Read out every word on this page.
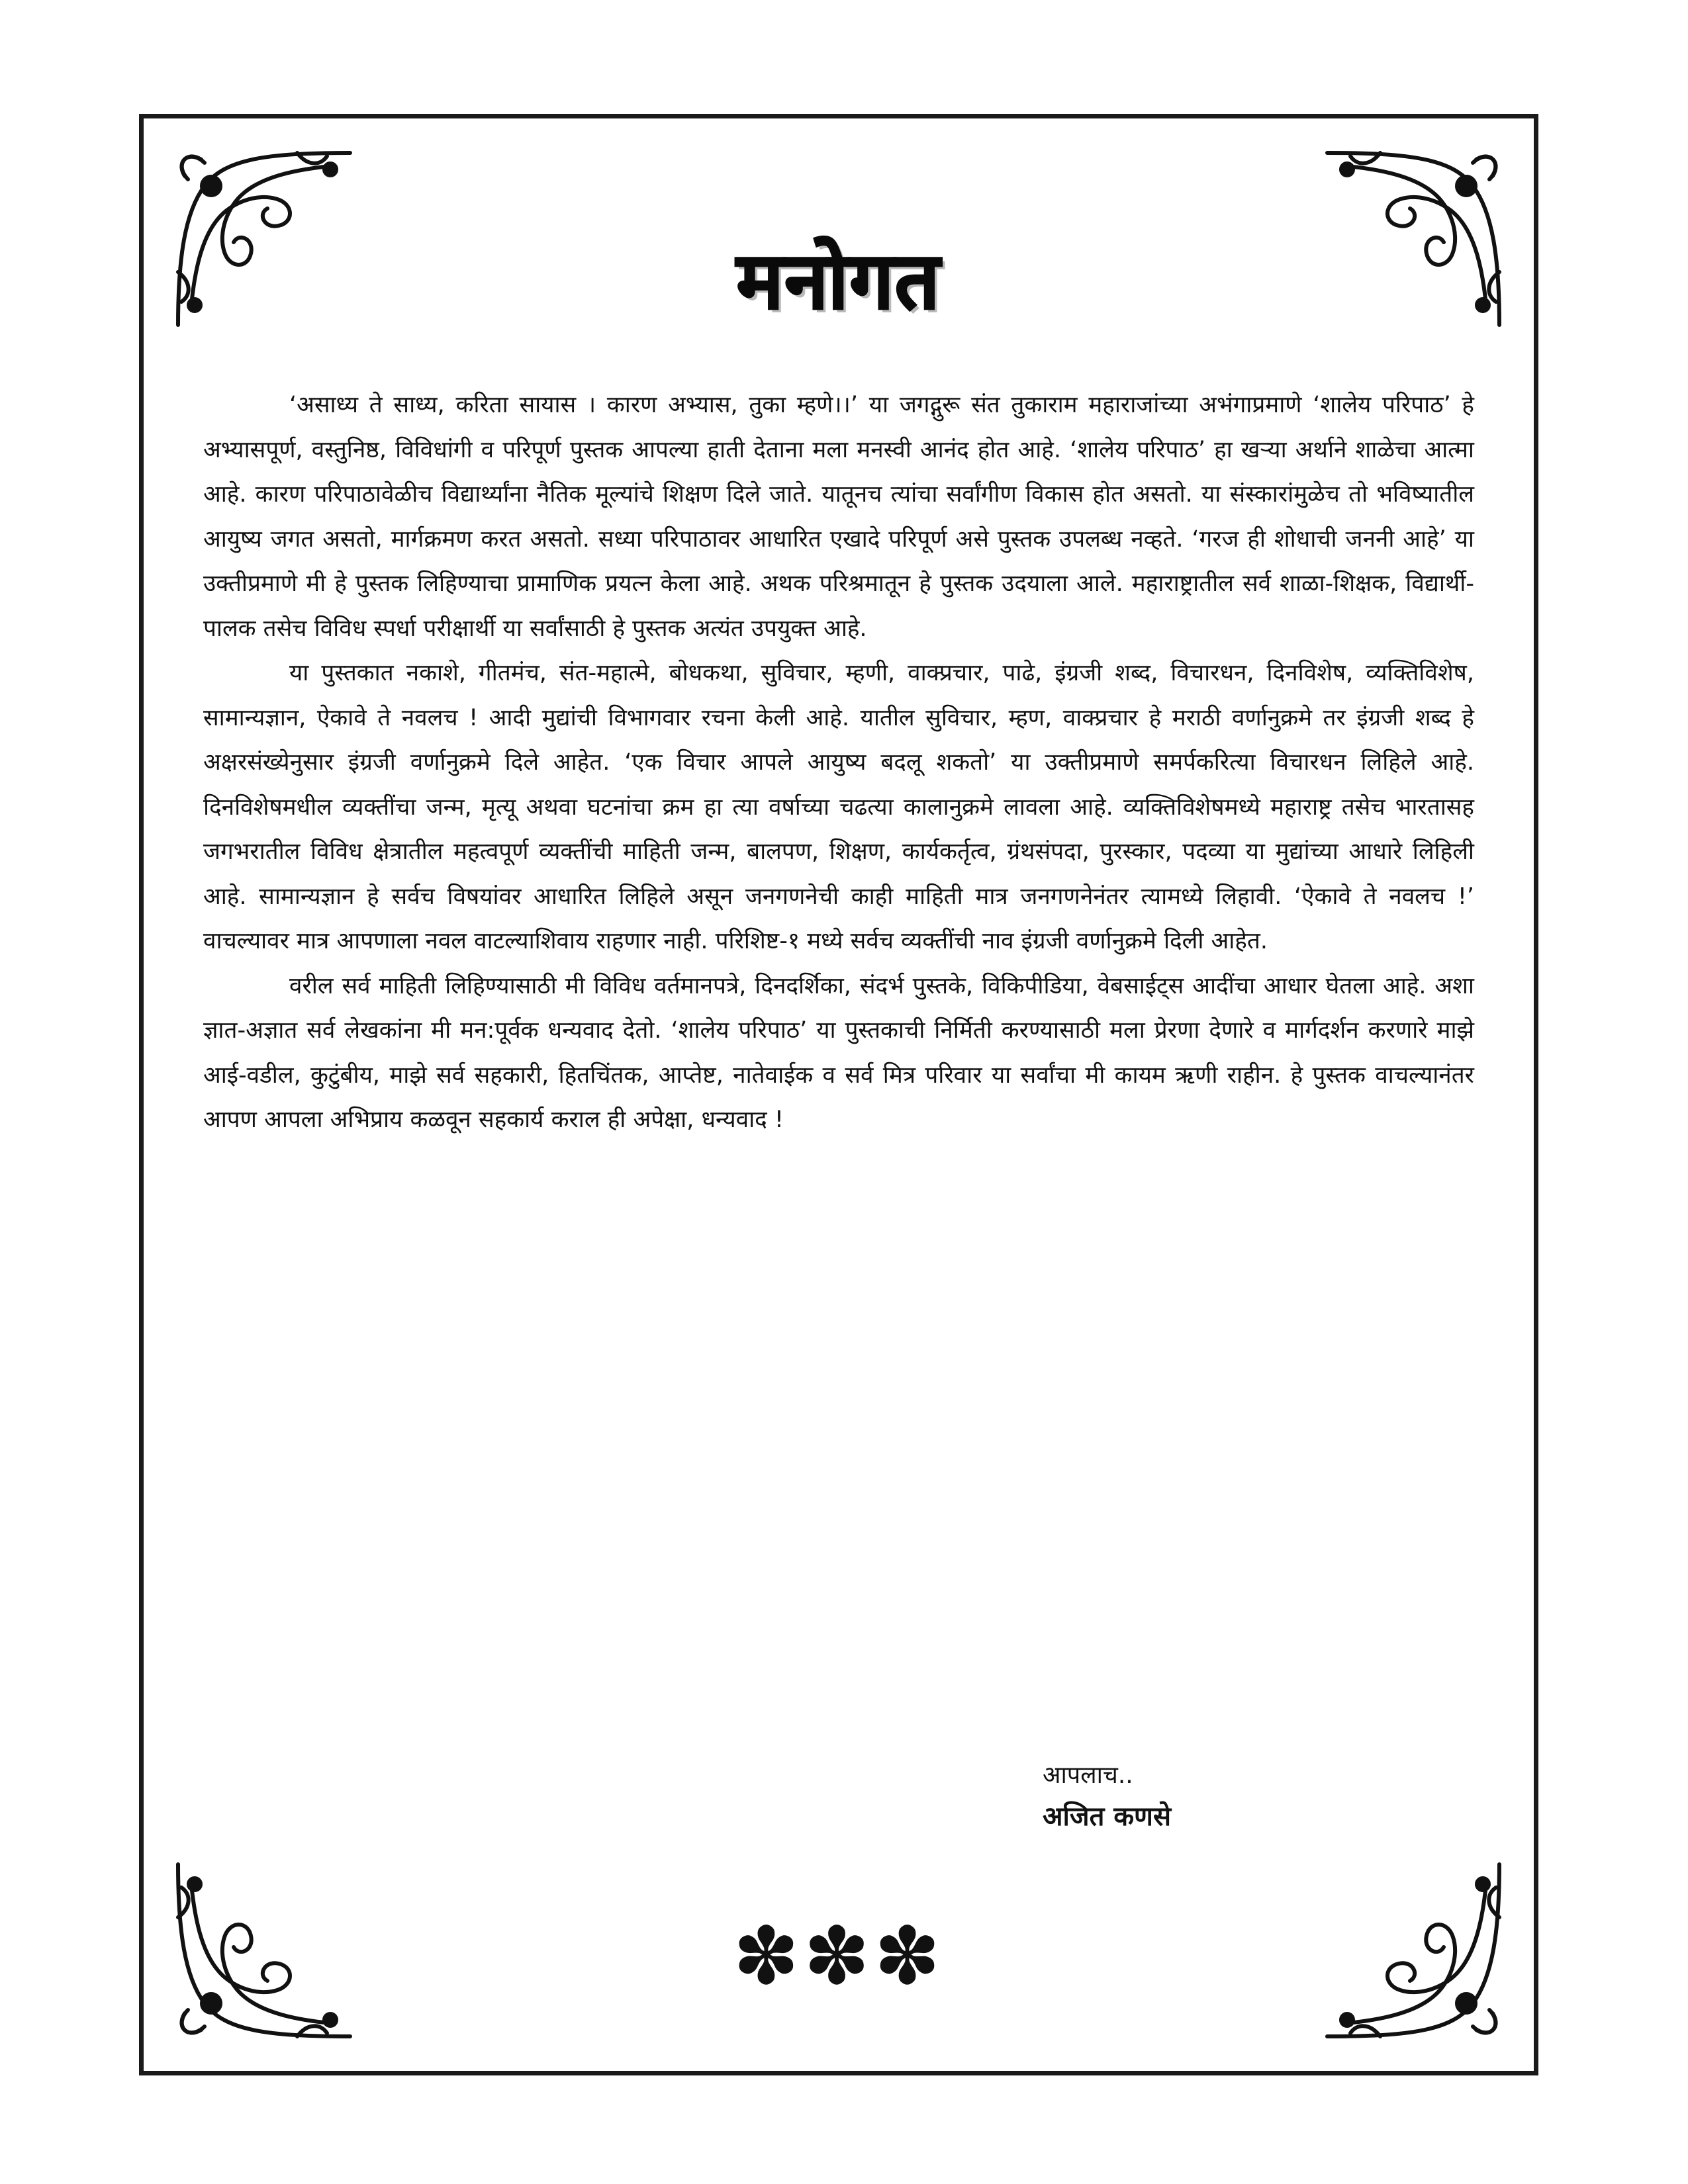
मनोगत

‘असाध्य ते साध्य, करिता सायास । कारण अभ्यास, तुका म्हणे।।’ या जगद्गुरू संत तुकाराम महाराजांच्या अभंगाप्रमाणे ‘शालेय परिपाठ’ हे अभ्यासपूर्ण, वस्तुनिष्ठ, विविधांगी व परिपूर्ण पुस्तक आपल्या हाती देताना मला मनस्वी आनंद होत आहे. ‘शालेय परिपाठ’ हा खऱ्या अर्थाने शाळेचा आत्मा आहे. कारण परिपाठावेळीच विद्यार्थ्यांना नैतिक मूल्यांचे शिक्षण दिले जाते. यातूनच त्यांचा सर्वांगीण विकास होत असतो. या संस्कारांमुळेच तो भविष्यातील आयुष्य जगत असतो, मार्गक्रमण करत असतो. सध्या परिपाठावर आधारित एखादे परिपूर्ण असे पुस्तक उपलब्ध नव्हते. ‘गरज ही शोधाची जननी आहे’ या उक्तीप्रमाणे मी हे पुस्तक लिहिण्याचा प्रामाणिक प्रयत्न केला आहे. अथक परिश्रमातून हे पुस्तक उदयाला आले. महाराष्ट्रातील सर्व शाळा-शिक्षक, विद्यार्थी-पालक तसेच विविध स्पर्धा परीक्षार्थी या सर्वांसाठी हे पुस्तक अत्यंत उपयुक्त आहे.

या पुस्तकात नकाशे, गीतमंच, संत-महात्मे, बोधकथा, सुविचार, म्हणी, वाक्प्रचार, पाढे, इंग्रजी शब्द, विचारधन, दिनविशेष, व्यक्तिविशेष, सामान्यज्ञान, ऐकावे ते नवलच ! आदी मुद्यांची विभागवार रचना केली आहे. यातील सुविचार, म्हण, वाक्प्रचार हे मराठी वर्णानुक्रमे तर इंग्रजी शब्द हे अक्षरसंख्येनुसार इंग्रजी वर्णानुक्रमे दिले आहेत. ‘एक विचार आपले आयुष्य बदलू शकतो’ या उक्तीप्रमाणे समर्पकरित्या विचारधन लिहिले आहे. दिनविशेषमधील व्यक्तींचा जन्म, मृत्यू अथवा घटनांचा क्रम हा त्या वर्षाच्या चढत्या कालानुक्रमे लावला आहे. व्यक्तिविशेषमध्ये महाराष्ट्र तसेच भारतासह जगभरातील विविध क्षेत्रातील महत्वपूर्ण व्यक्तींची माहिती जन्म, बालपण, शिक्षण, कार्यकर्तृत्व, ग्रंथसंपदा, पुरस्कार, पदव्या या मुद्यांच्या आधारे लिहिली आहे. सामान्यज्ञान हे सर्वच विषयांवर आधारित लिहिले असून जनगणनेची काही माहिती मात्र जनगणनेनंतर त्यामध्ये लिहावी. ‘ऐकावे ते नवलच !’ वाचल्यावर मात्र आपणाला नवल वाटल्याशिवाय राहणार नाही. परिशिष्ट-१ मध्ये सर्वच व्यक्तींची नाव इंग्रजी वर्णानुक्रमे दिली आहेत.

वरील सर्व माहिती लिहिण्यासाठी मी विविध वर्तमानपत्रे, दिनदर्शिका, संदर्भ पुस्तके, विकिपीडिया, वेबसाईट्स आदींचा आधार घेतला आहे. अशा ज्ञात-अज्ञात सर्व लेखकांना मी मन:पूर्वक धन्यवाद देतो. ‘शालेय परिपाठ’ या पुस्तकाची निर्मिती करण्यासाठी मला प्रेरणा देणारे व मार्गदर्शन करणारे माझे आई-वडील, कुटुंबीय, माझे सर्व सहकारी, हितचिंतक, आप्तेष्ट, नातेवाईक व सर्व मित्र परिवार या सर्वांचा मी कायम ऋणी राहीन. हे पुस्तक वाचल्यानंतर आपण आपला अभिप्राय कळवून सहकार्य कराल ही अपेक्षा, धन्यवाद !

आपलाच..
अजित कणसे
✽✽✽
